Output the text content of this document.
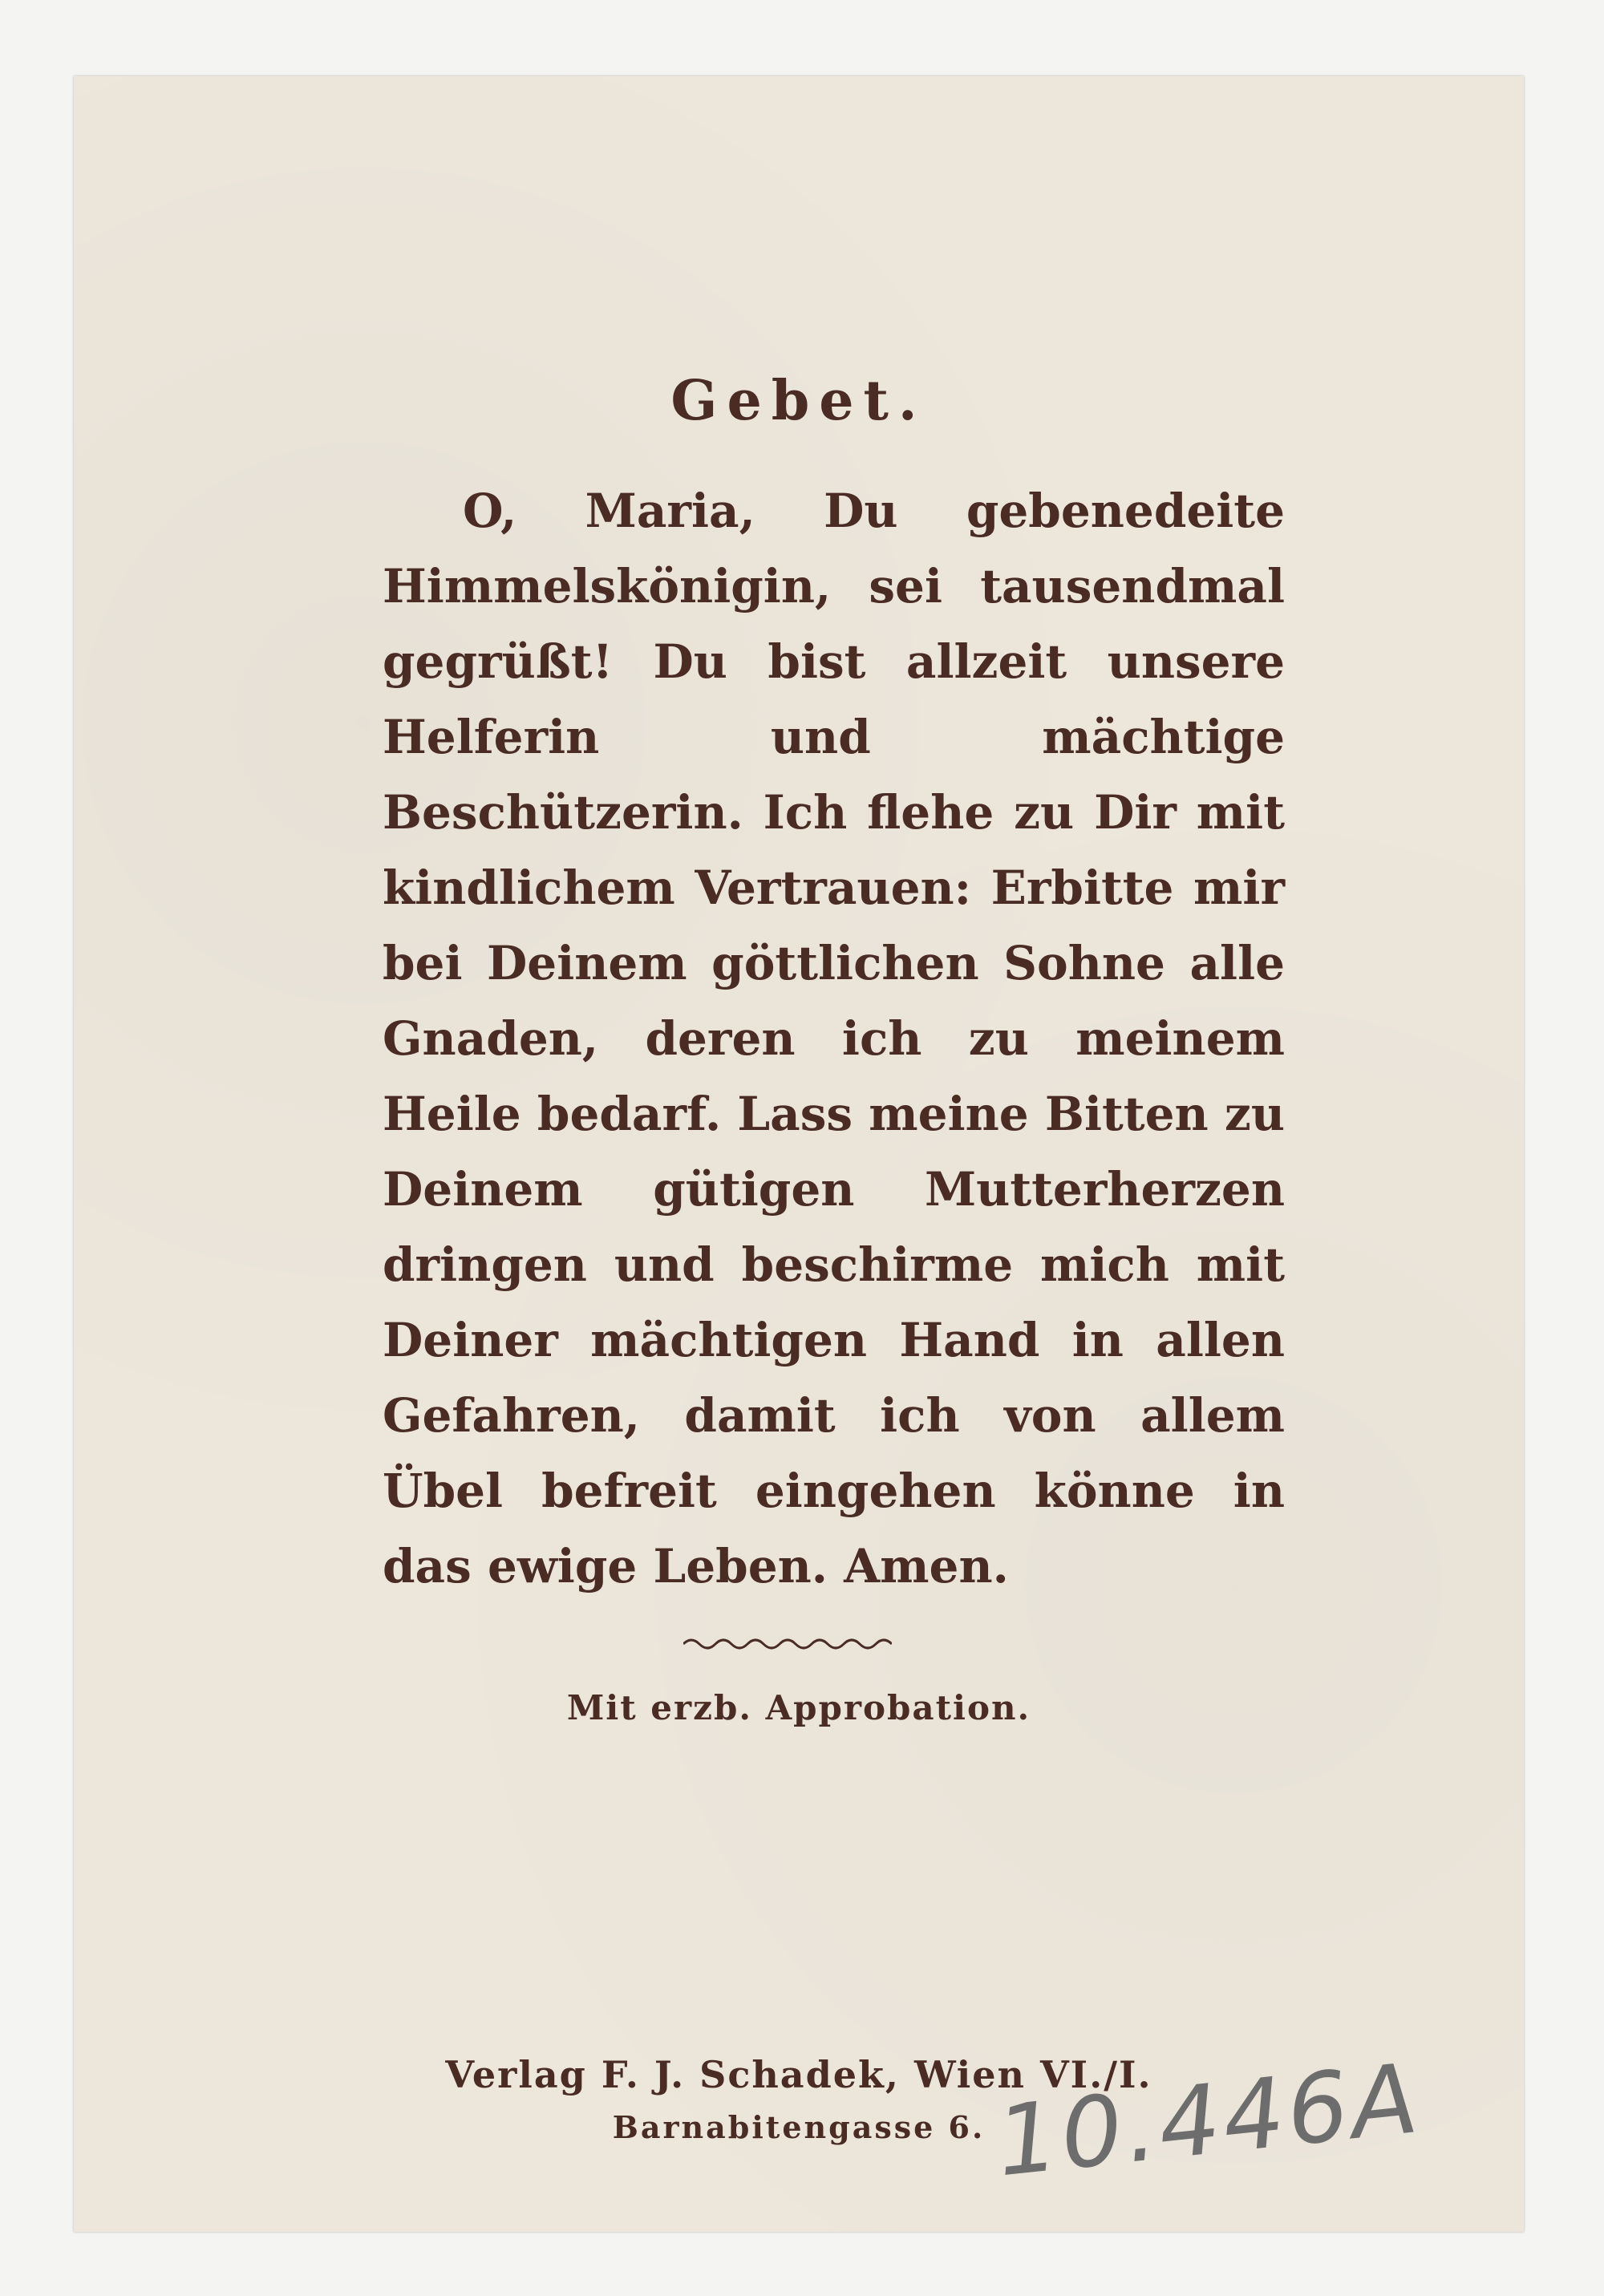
Gebet.

O, Maria, Du gebenedeite Himmelskönigin, sei tausendmal gegrüßt! Du bist allzeit unsere Helferin und mächtige Beschützerin. Ich flehe zu Dir mit kindlichem Vertrauen: Erbitte mir bei Deinem göttlichen Sohne alle Gnaden, deren ich zu meinem Heile bedarf. Lass meine Bitten zu Deinem gütigen Mutterherzen dringen und beschirme mich mit Deiner mächtigen Hand in allen Gefahren, damit ich von allem Übel befreit eingehen könne in das ewige Leben. Amen.

Mit erzb. Approbation.
Verlag F. J. Schadek, Wien VI./I.
Barnabitengasse 6. 10.446A
